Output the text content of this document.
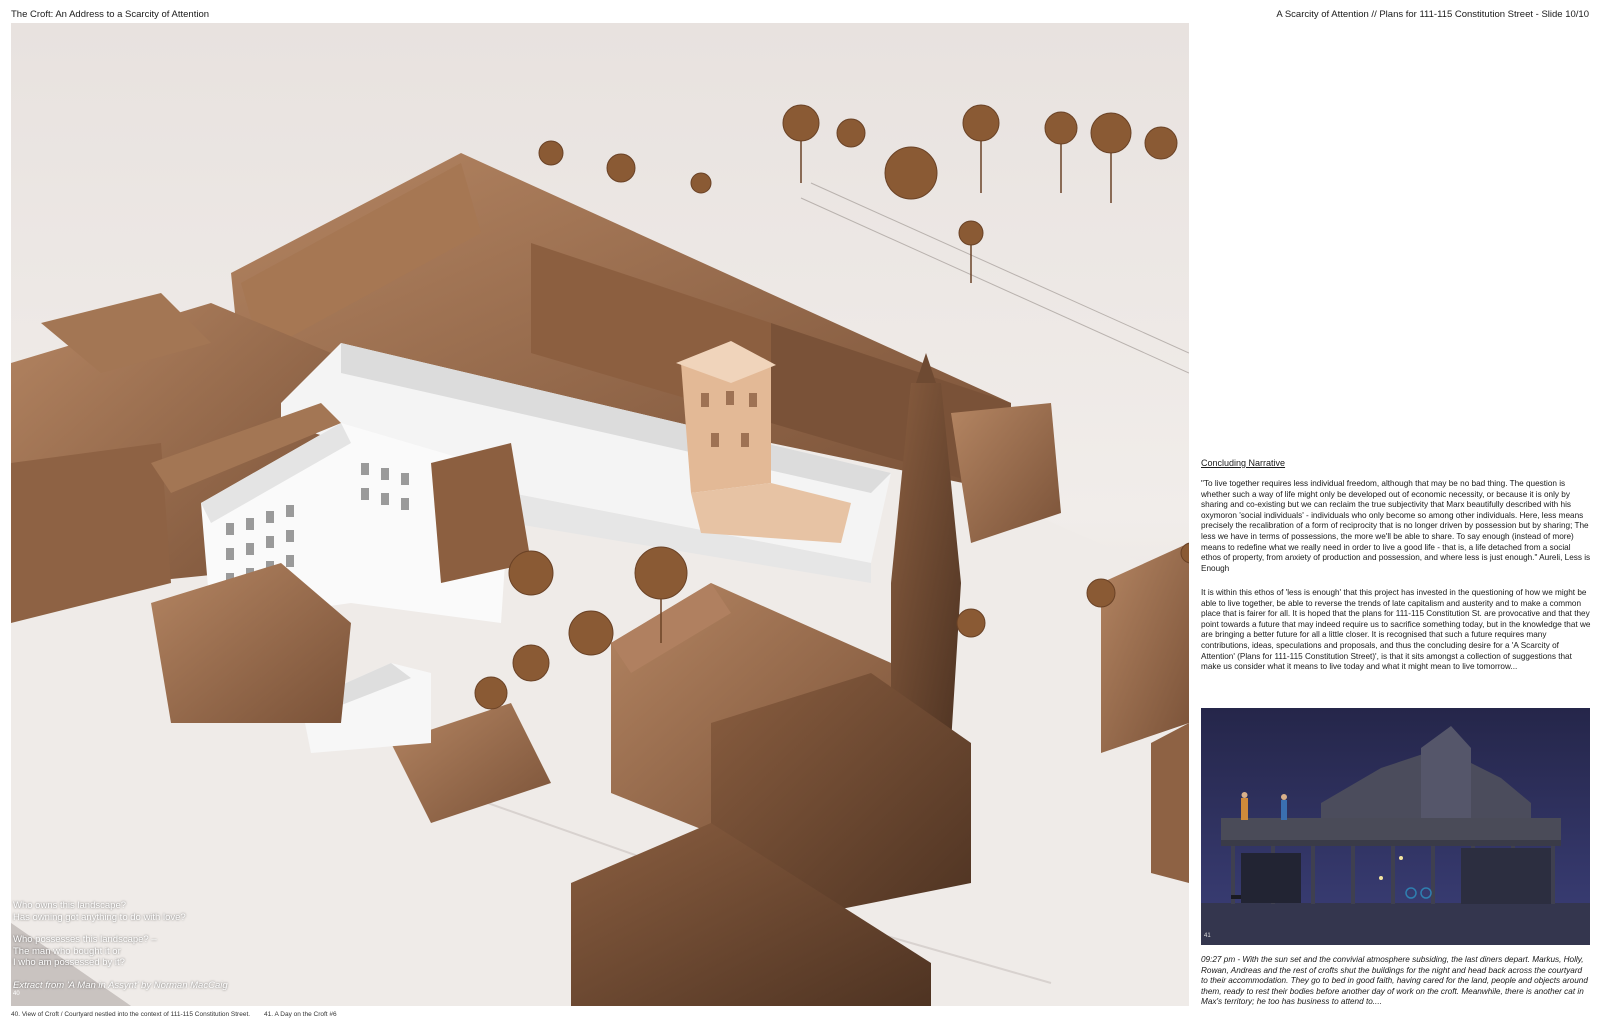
The Croft: An Address to a Scarcity of Attention	A Scarcity of Attention // Plans for 111-115 Constitution Street - Slide 10/10
Who owns this landscape?
Has owning got anything to do with love?
Who possesses this landscape? –
The man who bought it or
I who am possessed by it?
Extract from 'A Man in Assynt' by Norman MacCaig
40
40. View of Croft / Courtyard nestled into the context of 111-115 Constitution Street. 41. A Day on the Croft #6
Concluding Narrative
"To live together requires less individual freedom, although that may be no bad thing. The question is whether such a way of life might only be developed out of economic necessity, or because it is only by sharing and co-existing but we can reclaim the true subjectivity that Marx beautifully described with his oxymoron 'social individuals' - individuals who only become so among other individuals. Here, less means precisely the recalibration of a form of reciprocity that is no longer driven by possession but by sharing; The less we have in terms of possessions, the more we'll be able to share. To say enough (instead of more) means to redefine what we really need in order to live a good life - that is, a life detached from a social ethos of property, from anxiety of production and possession, and where less is just enough." Aureli, Less is Enough
It is within this ethos of 'less is enough' that this project has invested in the questioning of how we might be able to live together, be able to reverse the trends of late capitalism and austerity and to make a common place that is fairer for all. It is hoped that the plans for 111-115 Constitution St. are provocative and that they point towards a future that may indeed require us to sacrifice something today, but in the knowledge that we are bringing a better future for all a little closer. It is recognised that such a future requires many contributions, ideas, speculations and proposals, and thus the concluding desire for a 'A Scarcity of Attention' (Plans for 111-115 Constitution Street)', is that it sits amongst a collection of suggestions that make us consider what it means to live today and what it might mean to live tomorrow...
41
09:27 pm - With the sun set and the convivial atmosphere subsiding, the last diners depart. Markus, Holly, Rowan, Andreas and the rest of crofts shut the buildings for the night and head back across the courtyard to their accommodation. They go to bed in good faith, having cared for the land, people and objects around them, ready to rest their bodies before another day of work on the croft. Meanwhile, there is another cat in Max's territory; he too has business to attend to....
